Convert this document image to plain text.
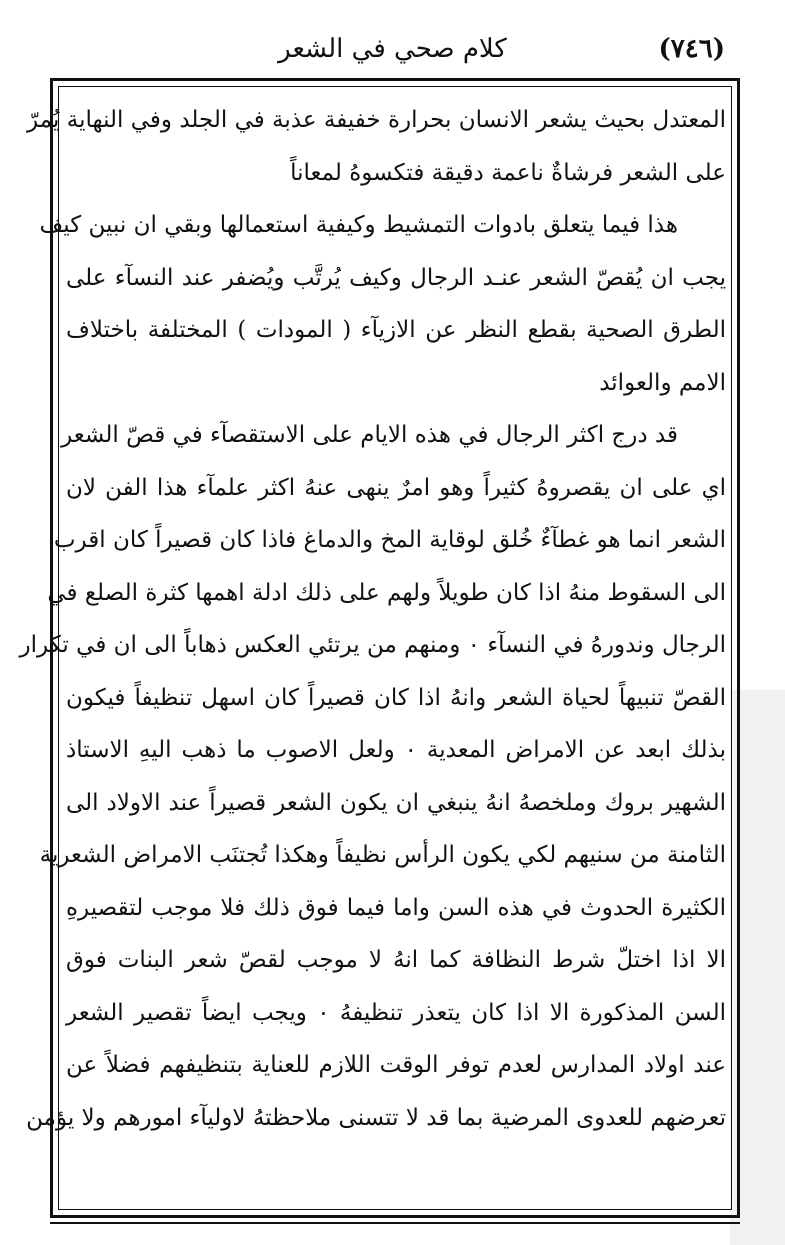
(٧٤٦)
كلام صحي في الشعر
المعتدل بحيث يشعر الانسان بحرارة خفيفة عذبة في الجلد وفي النهاية يُمرّ
على الشعر فرشاةٌ ناعمة دقيقة فتكسوهُ لمعاناً
هذا فيما يتعلق بادوات التمشيط وكيفية استعمالها وبقي ان نبين كيف
يجب ان يُقصّ الشعر عنـد الرجال وكيف يُرتَّب ويُضفر عند النسآء على
الطرق الصحية بقطع النظر عن الازيآء ( المودات ) المختلفة باختلاف
الامم والعوائد
قد درج اكثر الرجال في هذه الايام على الاستقصآء في قصّ الشعر
اي على ان يقصروهُ كثيراً وهو امرٌ ينهى عنهُ اكثر علمآء هذا الفن لان
الشعر انما هو غطآءٌ خُلق لوقاية المخ والدماغ فاذا كان قصيراً كان اقرب
الى السقوط منهُ اذا كان طويلاً ولهم على ذلك ادلة اهمها كثرة الصلع في
الرجال وندورهُ في النسآء ٠ ومنهم من يرتئي العكس ذهاباً الى ان في تكرار
القصّ تنبيهاً لحياة الشعر وانهُ اذا كان قصيراً كان اسهل تنظيفاً فيكون
بذلك ابعد عن الامراض المعدية ٠ ولعل الاصوب ما ذهب اليهِ الاستاذ
الشهير بروك وملخصهُ انهُ ينبغي ان يكون الشعر قصيراً عند الاولاد الى
الثامنة من سنيهم لكي يكون الرأس نظيفاً وهكذا تُجتنَب الامراض الشعرية
الكثيرة الحدوث في هذه السن واما فيما فوق ذلك فلا موجب لتقصيرهِ
الا اذا اختلّ شرط النظافة كما انهُ لا موجب لقصّ شعر البنات فوق
السن المذكورة الا اذا كان يتعذر تنظيفهُ ٠ ويجب ايضاً تقصير الشعر
عند اولاد المدارس لعدم توفر الوقت اللازم للعناية بتنظيفهم فضلاً عن
تعرضهم للعدوى المرضية بما قد لا تتسنى ملاحظتهُ لاوليآء امورهم ولا يؤمن
